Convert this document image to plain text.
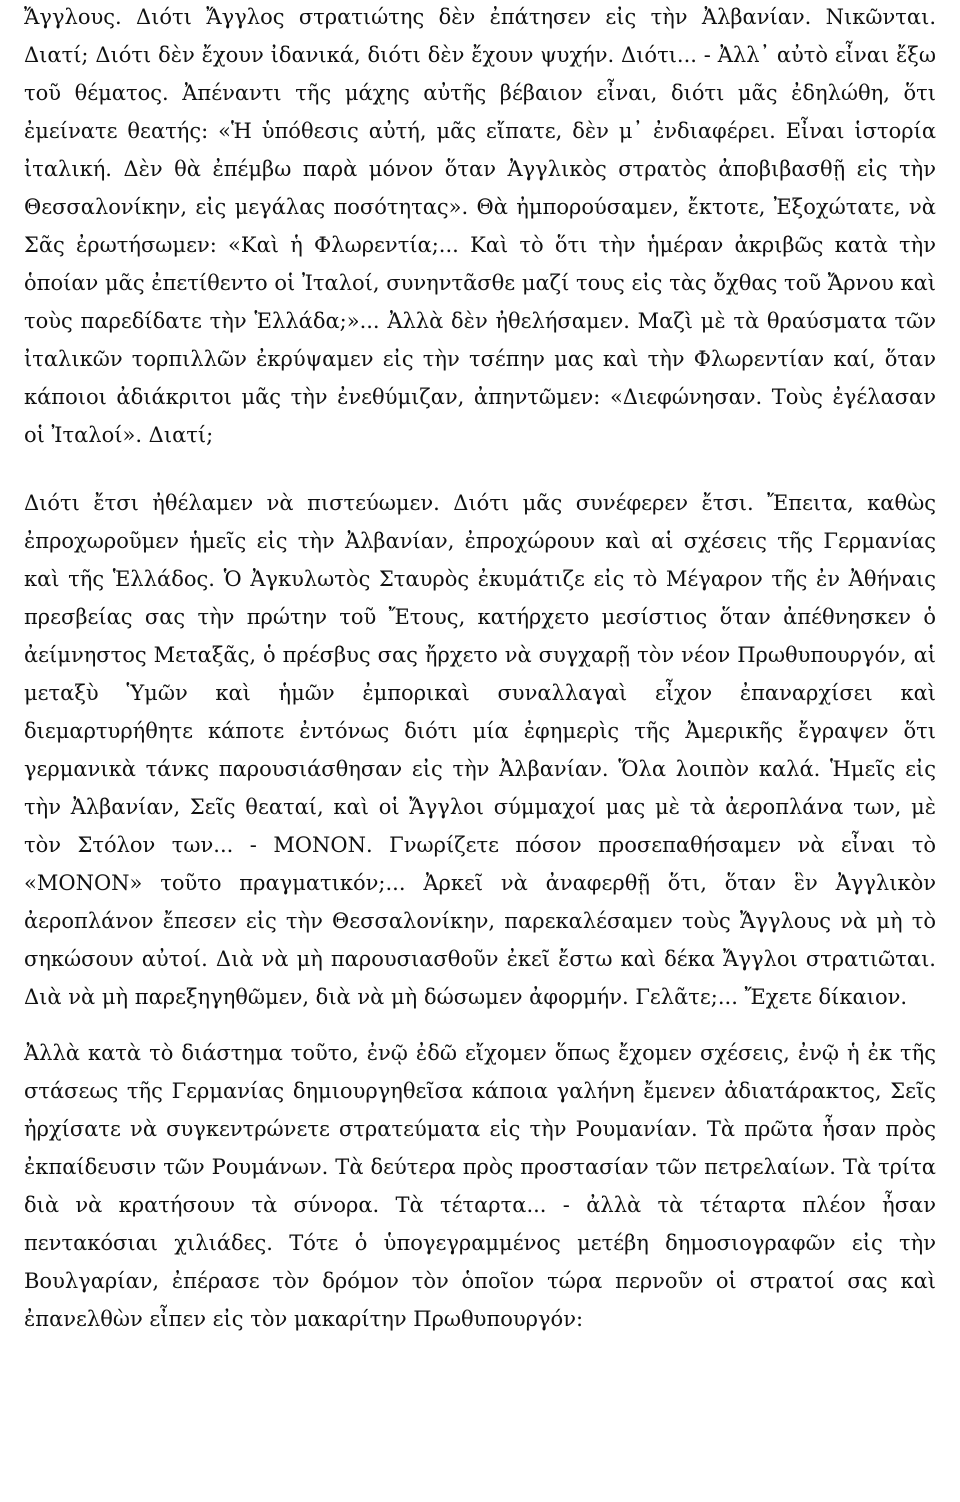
Ἄγγλους. Διότι Ἄγγλος στρατιώτης δὲν ἐπάτησεν εἰς τὴν Ἀλβανίαν. Νικῶνται. Διατί; Διότι δὲν ἔχουν ἰδανικά, διότι δὲν ἔχουν ψυχήν. Διότι... - Ἀλλ᾽ αὐτὸ εἶναι ἔξω τοῦ θέματος. Ἀπέναντι τῆς μάχης αὐτῆς βέβαιον εἶναι, διότι μᾶς ἐδηλώθη, ὅτι ἐμείνατε θεατής: «Ἡ ὑπόθεσις αὐτή, μᾶς εἴπατε, δὲν μ᾽ ἐνδιαφέρει. Εἶναι ἱστορία ἰταλική. Δὲν θὰ ἐπέμβω παρὰ μόνον ὅταν Ἀγγλικὸς στρατὸς ἀποβιβασθῇ εἰς τὴν Θεσσαλονίκην, εἰς μεγάλας ποσότητας». Θὰ ἠμπορούσαμεν, ἔκτοτε, Ἐξοχώτατε, νὰ Σᾶς ἐρωτήσωμεν: «Καὶ ἡ Φλωρεντία;... Καὶ τὸ ὅτι τὴν ἡμέραν ἀκριβῶς κατὰ τὴν ὁποίαν μᾶς ἐπετίθεντο οἱ Ἰταλοί, συνηντᾶσθε μαζί τους εἰς τὰς ὄχθας τοῦ Ἄρνου καὶ τοὺς παρεδίδατε τὴν Ἑλλάδα;»... Ἀλλὰ δὲν ἠθελήσαμεν. Μαζὶ μὲ τὰ θραύσματα τῶν ἰταλικῶν τορπιλλῶν ἐκρύψαμεν εἰς τὴν τσέπην μας καὶ τὴν Φλωρεντίαν καί, ὅταν κάποιοι ἀδιάκριτοι μᾶς τὴν ἐνεθύμιζαν, ἀπηντῶμεν: «Διεφώνησαν. Τοὺς ἐγέλασαν οἱ Ἰταλοί». Διατί;

Διότι ἔτσι ἠθέλαμεν νὰ πιστεύωμεν. Διότι μᾶς συνέφερεν ἔτσι. Ἔπειτα, καθὼς ἐπροχωροῦμεν ἡμεῖς εἰς τὴν Ἀλβανίαν, ἐπροχώρουν καὶ αἱ σχέσεις τῆς Γερμανίας καὶ τῆς Ἑλλάδος. Ὁ Ἀγκυλωτὸς Σταυρὸς ἐκυμάτιζε εἰς τὸ Μέγαρον τῆς ἐν Ἀθήναις πρεσβείας σας τὴν πρώτην τοῦ Ἔτους, κατήρχετο μεσίστιος ὅταν ἀπέθνησκεν ὁ ἀείμνηστος Μεταξᾶς, ὁ πρέσβυς σας ἤρχετο νὰ συγχαρῇ τὸν νέον Πρωθυπουργόν, αἱ μεταξὺ Ὑμῶν καὶ ἡμῶν ἐμπορικαὶ συναλλαγαὶ εἶχον ἐπαναρχίσει καὶ διεμαρτυρήθητε κάποτε ἐντόνως διότι μία ἐφημερὶς τῆς Ἀμερικῆς ἔγραψεν ὅτι γερμανικὰ τάνκς παρουσιάσθησαν εἰς τὴν Ἀλβανίαν. Ὅλα λοιπὸν καλά. Ἡμεῖς εἰς τὴν Ἀλβανίαν, Σεῖς θεαταί, καὶ οἱ Ἄγγλοι σύμμαχοί μας μὲ τὰ ἀεροπλάνα των, μὲ τὸν Στόλον των... - ΜΟΝΟΝ. Γνωρίζετε πόσον προσεπαθήσαμεν νὰ εἶναι τὸ «ΜΟΝΟΝ» τοῦτο πραγματικόν;... Ἀρκεῖ νὰ ἀναφερθῇ ὅτι, ὅταν ἓν Ἀγγλικὸν ἀεροπλάνον ἔπεσεν εἰς τὴν Θεσσαλονίκην, παρεκαλέσαμεν τοὺς Ἄγγλους νὰ μὴ τὸ σηκώσουν αὐτοί. Διὰ νὰ μὴ παρουσιασθοῦν ἐκεῖ ἔστω καὶ δέκα Ἄγγλοι στρατιῶται. Διὰ νὰ μὴ παρεξηγηθῶμεν, διὰ νὰ μὴ δώσωμεν ἀφορμήν. Γελᾶτε;... Ἔχετε δίκαιον.

Ἀλλὰ κατὰ τὸ διάστημα τοῦτο, ἐνῷ ἐδῶ εἴχομεν ὅπως ἔχομεν σχέσεις, ἐνῷ ἡ ἐκ τῆς στάσεως τῆς Γερμανίας δημιουργηθεῖσα κάποια γαλήνη ἔμενεν ἀδιατάρακτος, Σεῖς ἠρχίσατε νὰ συγκεντρώνετε στρατεύματα εἰς τὴν Ρουμανίαν. Τὰ πρῶτα ἦσαν πρὸς ἐκπαίδευσιν τῶν Ρουμάνων. Τὰ δεύτερα πρὸς προστασίαν τῶν πετρελαίων. Τὰ τρίτα διὰ νὰ κρατήσουν τὰ σύνορα. Τὰ τέταρτα... - ἀλλὰ τὰ τέταρτα πλέον ἦσαν πεντακόσιαι χιλιάδες. Τότε ὁ ὑπογεγραμμένος μετέβη δημοσιογραφῶν εἰς τὴν Βουλγαρίαν, ἐπέρασε τὸν δρόμον τὸν ὁποῖον τώρα περνοῦν οἱ στρατοί σας καὶ ἐπανελθὼν εἶπεν εἰς τὸν μακαρίτην Πρωθυπουργόν:
